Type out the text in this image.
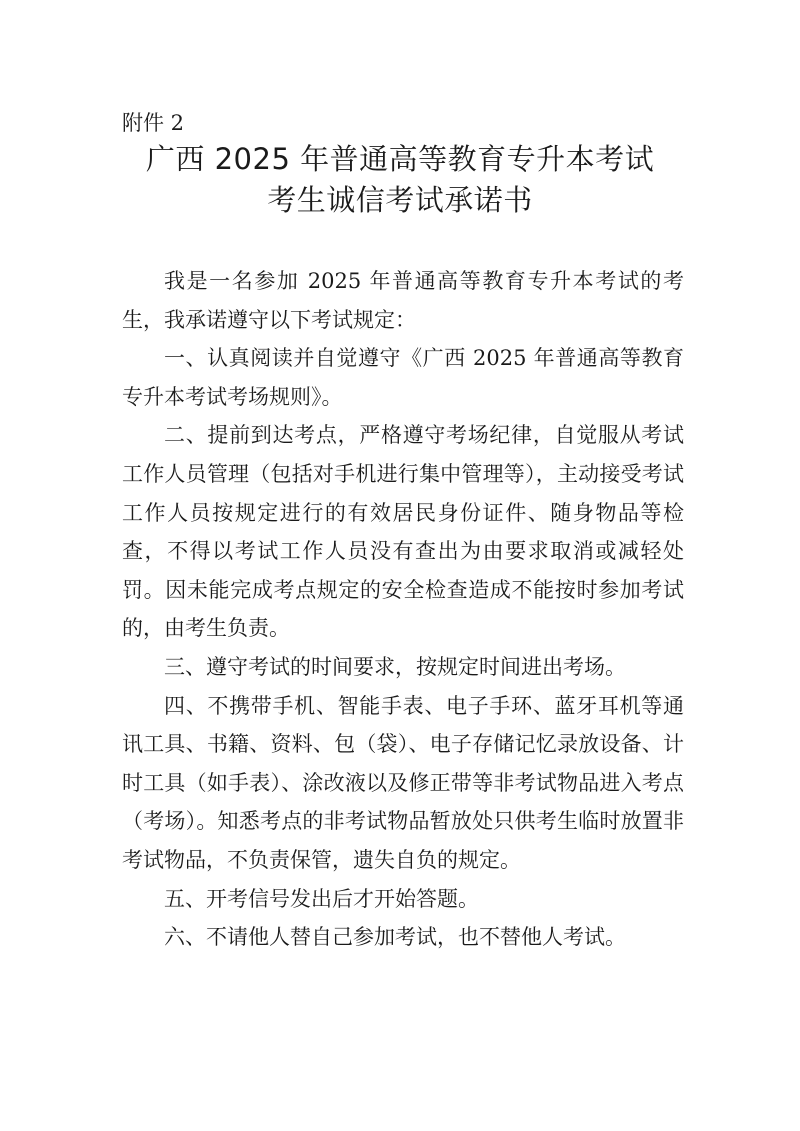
附件 2
广西 2025 年普通高等教育专升本考试
考生诚信考试承诺书

我是一名参加 2025 年普通高等教育专升本考试的考生，我承诺遵守以下考试规定：

一、认真阅读并自觉遵守《广西 2025 年普通高等教育专升本考试考场规则》。

二、提前到达考点，严格遵守考场纪律，自觉服从考试工作人员管理（包括对手机进行集中管理等），主动接受考试工作人员按规定进行的有效居民身份证件、随身物品等检查，不得以考试工作人员没有查出为由要求取消或减轻处罚。因未能完成考点规定的安全检查造成不能按时参加考试的，由考生负责。

三、遵守考试的时间要求，按规定时间进出考场。

四、不携带手机、智能手表、电子手环、蓝牙耳机等通讯工具、书籍、资料、包（袋）、电子存储记忆录放设备、计时工具（如手表）、涂改液以及修正带等非考试物品进入考点（考场）。知悉考点的非考试物品暂放处只供考生临时放置非考试物品，不负责保管，遗失自负的规定。

五、开考信号发出后才开始答题。

六、不请他人替自己参加考试，也不替他人考试。
